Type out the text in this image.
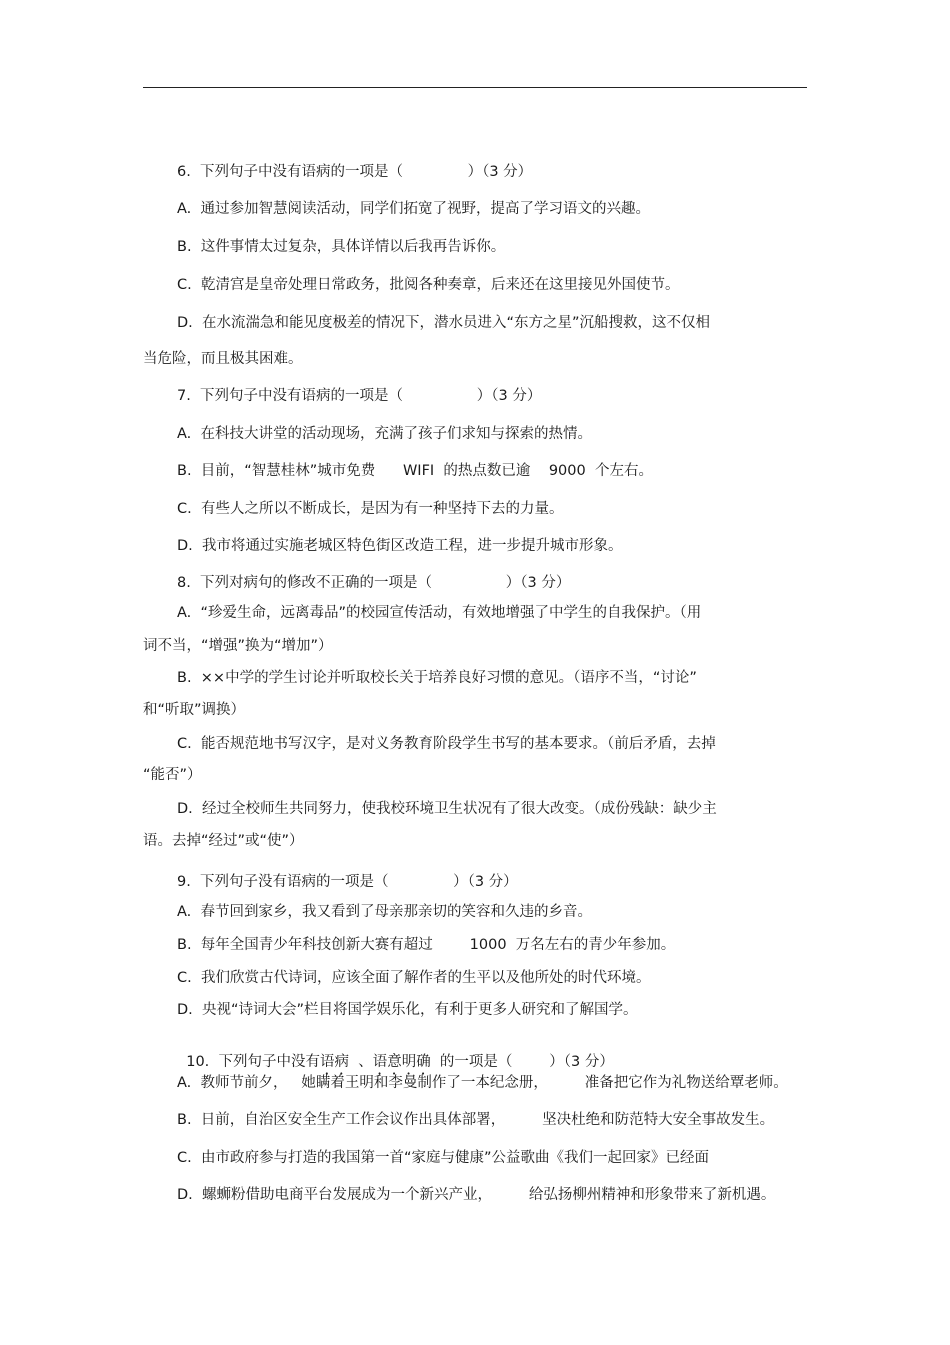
6.  下列句子中没有语病的一项是（              ）（3 分）
A.  通过参加智慧阅读活动，同学们拓宽了视野，提高了学习语文的兴趣。
B.  这件事情太过复杂，具体详情以后我再告诉你。
C.  乾清宫是皇帝处理日常政务，批阅各种奏章，后来还在这里接见外国使节。
D.  在水流湍急和能见度极差的情况下，潜水员进入“东方之星”沉船搜救，这不仅相
当危险，而且极其困难。
7.  下列句子中没有语病的一项是（                ）（3 分）
A.  在科技大讲堂的活动现场，充满了孩子们求知与探索的热情。
B.  目前，“智慧桂林”城市免费      WIFI  的热点数已逾    9000  个左右。
C.  有些人之所以不断成长，是因为有一种坚持下去的力量。
D.  我市将通过实施老城区特色街区改造工程，进一步提升城市形象。
8.  下列对病句的修改不正确的一项是（                ）（3 分）
A.  “珍爱生命，远离毒品”的校园宣传活动，有效地增强了中学生的自我保护。（用
词不当，“增强”换为“增加”）
B.  ××中学的学生讨论并听取校长关于培养良好习惯的意见。（语序不当，“讨论”
和“听取”调换）
C.  能否规范地书写汉字，是对义务教育阶段学生书写的基本要求。（前后矛盾，去掉
“能否”）
D.  经过全校师生共同努力，使我校环境卫生状况有了很大改变。（成份残缺：缺少主
语。去掉“经过”或“使”）
9.  下列句子没有语病的一项是（              ）（3 分）
A.  春节回到家乡，我又看到了母亲那亲切的笑容和久违的乡音。
B.  每年全国青少年科技创新大赛有超过        1000  万名左右的青少年参加。
C.  我们欣赏古代诗词，应该全面了解作者的生平以及他所处的时代环境。
D.  央视“诗词大会”栏目将国学娱乐化，有利于更多人研究和了解国学。

10.  下列句子中没有语病  、语意明确  的一项是（        ）（3 分）

A.  教师节前夕，   她瞒着王明和李曼制作了一本纪念册，        准备把它作为礼物送给覃老师。
B.  日前，自治区安全生产工作会议作出具体部署，        坚决杜绝和防范特大安全事故发生。
C.  由市政府参与打造的我国第一首“家庭与健康”公益歌曲《我们一起回家》已经面
D.  螺蛳粉借助电商平台发展成为一个新兴产业，        给弘扬柳州精神和形象带来了新机遇。
